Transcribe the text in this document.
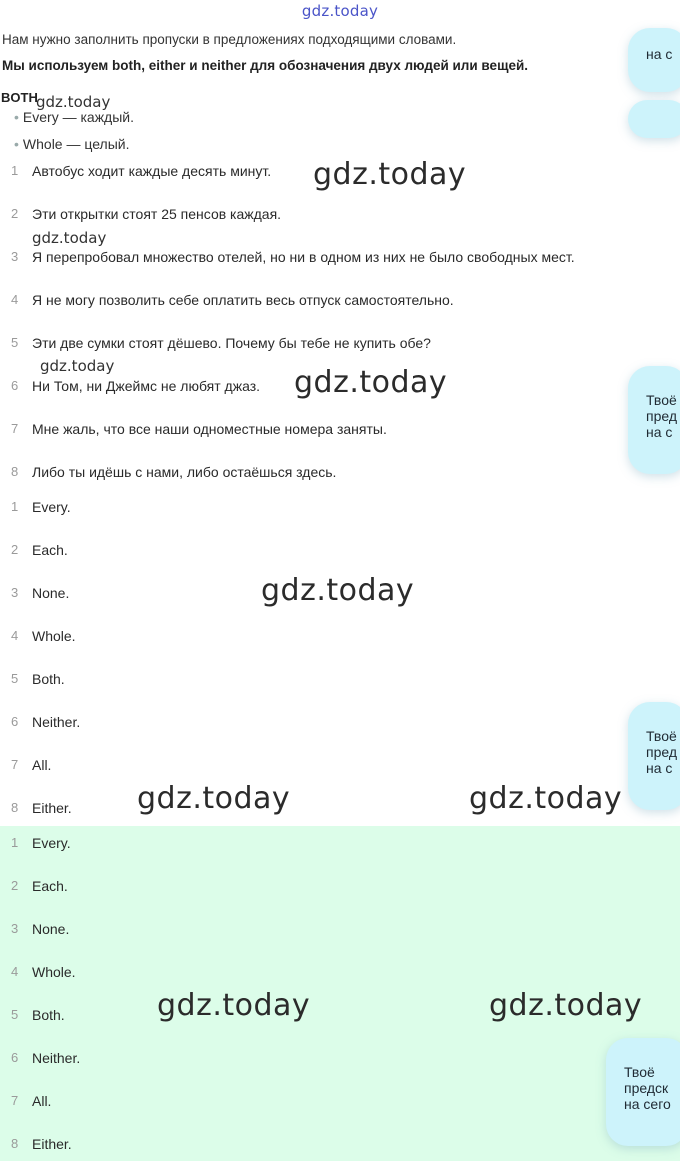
gdz.today
Нам нужно заполнить пропуски в предложениях подходящими словами.
Мы используем both, either и neither для обозначения двух людей или вещей.
BOTH
gdz.today
• Every — каждый.
• Whole — целый.
1 Автобус ходит каждые десять минут.
2 Эти открытки стоят 25 пенсов каждая.
3 Я перепробовал множество отелей, но ни в одном из них не было свободных мест.
4 Я не могу позволить себе оплатить весь отпуск самостоятельно.
5 Эти две сумки стоят дёшево. Почему бы тебе не купить обе?
6 Ни Том, ни Джеймс не любят джаз.
7 Мне жаль, что все наши одноместные номера заняты.
8 Либо ты идёшь с нами, либо остаёшься здесь.
1 Every.
2 Each.
3 None.
4 Whole.
5 Both.
6 Neither.
7 All.
8 Either.
1 Every.
2 Each.
3 None.
4 Whole.
5 Both.
6 Neither.
7 All.
8 Either.
gdz.today
gdz.today
gdz.today	gdz.today
gdz.today
gdz.today	gdz.today
gdz.today	gdz.today
на с
Твоё
пред
на с
Твоё
пред
на с
Твоё
предск
на сего
